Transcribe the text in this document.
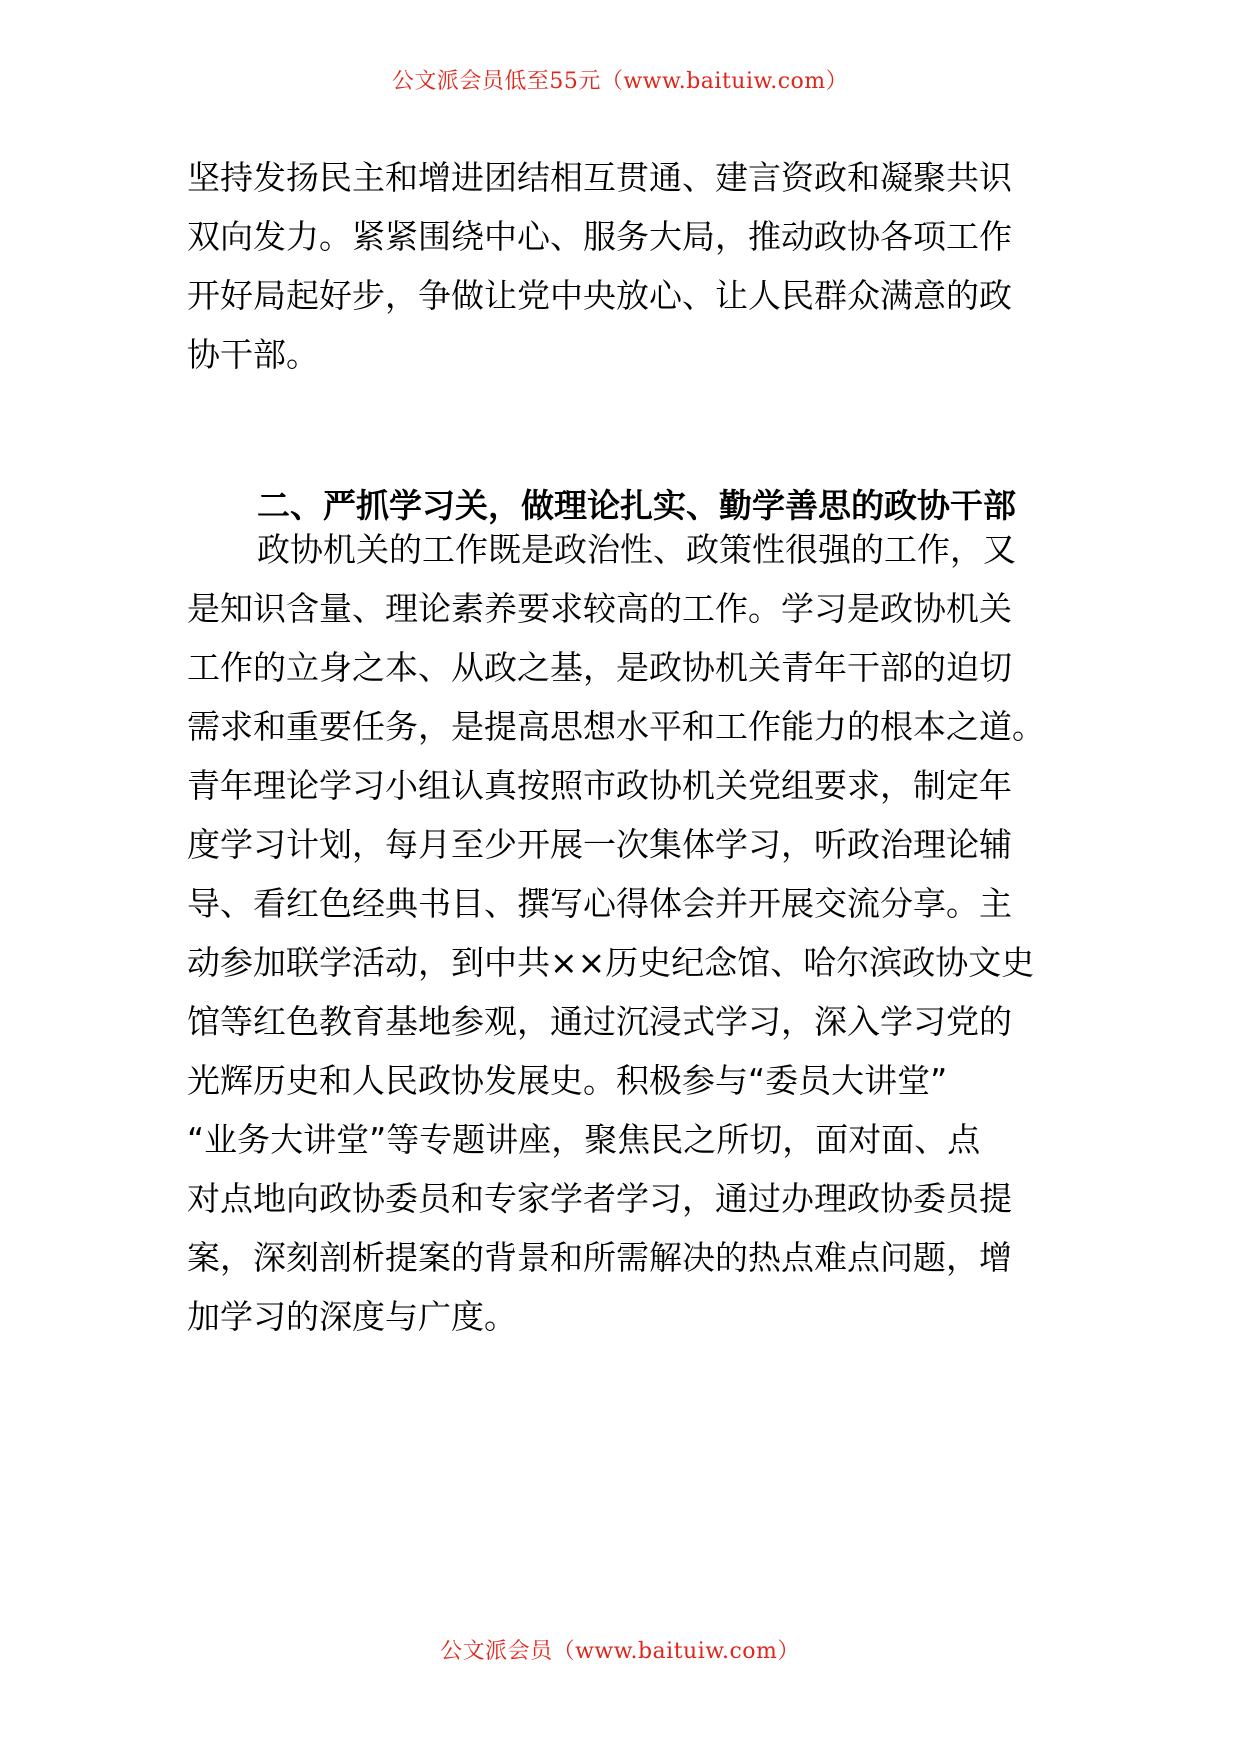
公文派会员低至55元（www.baituiw.com）

坚持发扬民主和增进团结相互贯通、建言资政和凝聚共识

双向发力。紧紧围绕中心、服务大局，推动政协各项工作

开好局起好步，争做让党中央放心、让人民群众满意的政

协干部。

二、严抓学习关，做理论扎实、勤学善思的政协干部

政协机关的工作既是政治性、政策性很强的工作，又

是知识含量、理论素养要求较高的工作。学习是政协机关

工作的立身之本、从政之基，是政协机关青年干部的迫切

需求和重要任务，是提高思想水平和工作能力的根本之道。

青年理论学习小组认真按照市政协机关党组要求，制定年

度学习计划，每月至少开展一次集体学习，听政治理论辅

导、看红色经典书目、撰写心得体会并开展交流分享。主

动参加联学活动，到中共××历史纪念馆、哈尔滨政协文史

馆等红色教育基地参观，通过沉浸式学习，深入学习党的

光辉历史和人民政协发展史。积极参与“委员大讲堂”

“业务大讲堂”等专题讲座，聚焦民之所切，面对面、点

对点地向政协委员和专家学者学习，通过办理政协委员提

案，深刻剖析提案的背景和所需解决的热点难点问题，增

加学习的深度与广度。

公文派会员（www.baituiw.com）
